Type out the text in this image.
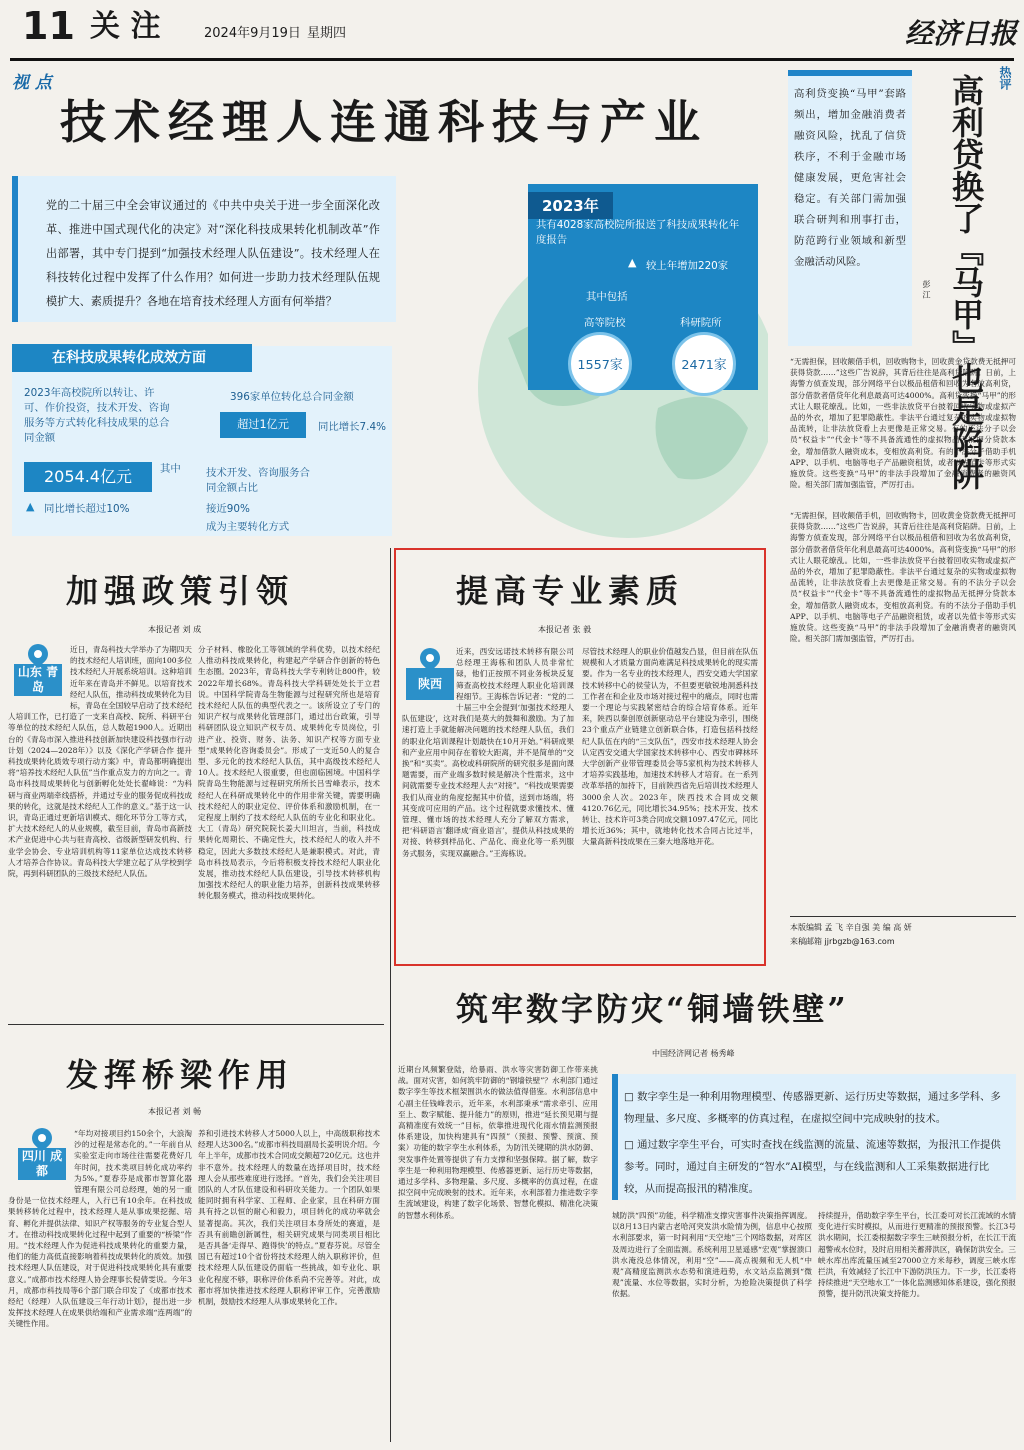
11 关 注	2024年9月19日 星期四	经济日报
视 点
技术经理人连通科技与产业
党的二十届三中全会审议通过的《中共中央关于进一步全面深化改革、推进中国式现代化的决定》对“深化科技成果转化机制改革”作出部署，其中专门提到“加强技术经理人队伍建设”。技术经理人在科技转化过程中发挥了什么作用？如何进一步助力技术经理队伍规模扩大、素质提升？各地在培育技术经理人方面有何举措？
2023年
共有4028家高校院所报送了科技成果转化年度报告
▲ 较上年增加220家
其中包括
高等院校	科研院所
1557家	2471家
在科技成果转化成效方面
2023年高校院所以转让、许可、作价投资，技术开发、咨询服务等方式转化科技成果的总合同金额
2054.4亿元
▲ 同比增长超过10%
其中
396家单位转化总合同金额
超过1亿元	同比增长7.4%
技术开发、咨询服务合同金额占比
接近90%
成为主要转化方式
热评
高利贷换了『马甲』也是陷阱
高利贷变换“马甲”套路频出，增加金融消费者融资风险，扰乱了信贷秩序，不利于金融市场健康发展，更危害社会稳定。有关部门需加强联合研判和刑事打击，防范跨行业领域和新型金融活动风险。
彭 江
“无需担保，回收额借手机，回收购物卡，回收黄金贷款费无抵押可获得贷款……”这些广告说辞，其背后往往是高利贷陷阱。日前，上海警方侦查发现，部分网络平台以极品租借和回收为名放高利贷，部分借款者借贷年化利息最高可达4000%。高利贷变换“马甲”的形式让人眼花缭乱。比如，一些非法放贷平台披着回收实物或虚拟产品的外衣，增加了犯罪隐蔽性。非法平台通过复杂的实物或虚拟物品流转，让非法放贷看上去更像是正常交易。有的不法分子以会员“权益卡”“代金卡”等不具备流通性的虚拟物品无抵押分贷款本金，增加借款人融资成本，变相放高利贷。有的不法分子借助手机APP、以手机、电脑等电子产品融资租赁，或者以先值卡等形式实施放贷。这些变换“马甲”的非法手段增加了金融消费者的融资风险。相关部门需加强监管，严厉打击。
“无需担保，回收额借手机，回收购物卡，回收黄金贷款费无抵押可获得贷款……”这些广告说辞，其背后往往是高利贷陷阱。日前，上海警方侦查发现，部分网络平台以极品租借和回收为名放高利贷，部分借款者借贷年化利息最高可达4000%。高利贷变换“马甲”的形式让人眼花缭乱。比如，一些非法放贷平台披着回收实物或虚拟产品的外衣，增加了犯罪隐蔽性。非法平台通过复杂的实物或虚拟物品流转，让非法放贷看上去更像是正常交易。有的不法分子以会员“权益卡”“代金卡”等不具备流通性的虚拟物品无抵押分贷款本金，增加借款人融资成本，变相放高利贷。有的不法分子借助手机APP、以手机、电脑等电子产品融资租赁，或者以先值卡等形式实施放贷。这些变换“马甲”的非法手段增加了金融消费者的融资风险。相关部门需加强监管，严厉打击。
本版编辑 孟 飞 辛自强 美 编 高 妍
来稿邮箱 jjrbgzb@163.com
加强政策引领
本报记者 刘 成
山东 青岛
近日，青岛科技大学举办了为期四天的技术经纪人培训班，面向100多位技术经纪人开展系统培训。这种培训近年来在青岛并不鲜见。以培育技术经纪人队伍，推动科技成果转化为目标，青岛在全国较早启动了技术经纪人培训工作，已打造了一支来自高校、院所、科研平台等单位的技术经纪人队伍，总人数超1900人。近期出台的《青岛市深入推进科技创新加快建设科技强市行动计划（2024—2028年）》以及《深化产学研合作 提升科技成果转化质效专项行动方案》中，青岛都明确提出将“培养技术经纪人队伍”当作重点发力的方向之一。青岛市科技局成果转化与创新孵化处处长翟峰说：“为科研与商业两端牵线搭桥，并通过专业的服务促成科技成果的转化，这就是技术经纪人工作的意义。”基于这一认识，青岛正通过更新培训模式、细化环节分工等方式，扩大技术经纪人的从业规模，截至目前，青岛市高新技术产业促进中心共与驻青高校、省级新型研发机构、行业学会协会、专业培训机构等11家单位达成技术转移人才培养合作协议。青岛科技大学建立起了从学校到学院，再到科研团队的三级技术经纪人队伍。
分子材料、橡胶化工等领域的学科优势，以技术经纪人推动科技成果转化，构建起产学研合作创新的特色生态圈。2023年，青岛科技大学专利转让800件，较2022年增长68%。青岛科技大学科研处处长于立君说。中国科学院青岛生物能源与过程研究所也是培育技术经纪人队伍的典型代表之一。该所设立了专门的知识产权与成果转化管理部门，通过出台政策，引导科研团队设立知识产权专员、成果转化专员岗位，引进产业、投资、财务、法务、知识产权等方面专业型“成果转化咨询委员会”。形成了一支近50人的复合型、多元化的技术经纪人队伍，其中高级技术经纪人10人。技术经纪人很重要，但也面临困境。中国科学院青岛生物能源与过程研究所所长吕雪峰表示，技术经纪人在科研成果转化中的作用非常关键，需要明确技术经纪人的职业定位、评价体系和激励机制，在一定程度上制约了技术经纪人队伍的专业化和职业化。大工（青岛）研究院院长姜大川坦言，当前，科技成果转化周期长、不确定性大，技术经纪人的收入并不稳定，因此大多数技术经纪人是兼职模式。对此，青岛市科技局表示，今后将积极支持技术经纪人职业化发展，推动技术经纪人队伍建设，引导技术转移机构加强技术经纪人的职业能力培养，创新科技成果转移转化服务模式，推动科技成果转化。
提高专业素质
本报记者 张 毅
陕西
近来，西安远诺技术转移有限公司总经理王海栋和团队人员非常忙碌，他们正按照不同业务板块反复筛查高校技术经理人职业化培训课程细节。王海栋告诉记者：“党的二十届三中全会提到‘加强技术经理人队伍建设’，这对我们是莫大的鼓舞和激励。为了加速打造上手就能解决问题的技术经理人队伍，我们的职业化培训课程计划最快在10月开始。”科研成果和产业应用中间存在着较大距离，并不是简单的“交换”和“买卖”。高校或科研院所的研究很多是面向课题需要，而产业端多数时候是解决个性需求，这中间就需要专业技术经理人去“对接”。“科技成果需要我们从商业的角度挖掘其中价值，送到市场端，将其变成可应用的产品。这个过程就要求懂技术、懂管理、懂市场的技术经理人充分了解双方需求，把‘科研语言’翻译成‘商业语言’，提供从科技成果的对接、转移到样品化、产品化、商业化等一系列服务式服务，实现双赢融合。”王海栋说。
尽管技术经理人的职业价值越发凸显，但目前在队伍规模和人才质量方面尚难满足科技成果转化的现实需要。作为一名专业的技术经理人，西安交通大学国家技术转移中心的侯莹认为，不但要更敏锐地洞悉科技工作者在和企业及市场对接过程中的痛点，同时也需要一个理论与实践紧密结合的综合培育体系。近年来，陕西以秦创原创新驱动总平台建设为牵引，围绕23个重点产业链建立创新联合体，打造包括科技经纪人队伍在内的“三支队伍”，西安市技术经理人协会认定西安交通大学国家技术转移中心、西安市碑林环大学创新产业带管理委员会等5家机构为技术转移人才培养实践基地，加速技术转移人才培育。在一系列改革举措的加持下，目前陕西省先后培训技术经理人3000余人次。2023年，陕西技术合同成交额4120.76亿元，同比增长34.95%；技术开发、技术转让、技术许可3类合同成交额1097.47亿元，同比增长近36%；其中，就地转化技术合同占比过半，大量高新科技成果在三秦大地落地开花。
发挥桥梁作用
本报记者 刘 畅
四川 成都
“年均对接项目约150余个，大浪淘沙的过程是常态化的。”一年前自从实验室走向市场往往需要花费好几年时间，技术类项目转化成功率约为5%。”夏春芬是成都市智算化器管理有限公司总经理，她的另一重身份是一位技术经理人，入行已有10余年。在科技成果转移转化过程中，技术经理人是从事成果挖掘、培育、孵化并提供法律、知识产权等服务的专业复合型人才。在推动科技成果转化过程中起到了重要的“桥梁”作用。“技术经理人作为促进科技成果转化的重要力量，他们的能力高低直接影响着科技成果转化的质效。加强技术经理人队伍建设，对于促进科技成果转化具有重要意义。”成都市技术经理人协会理事长倪倩雯说。今年3月，成都市科技局等6个部门联合印发了《成都市技术经纪（经理）人队伍建设三年行动计划》，提出进一步发挥技术经理人在成果供给端和产业需求端“连两端”的关键性作用。
养和引进技术转移人才5000人以上，中高级职称技术经理人达300名。”成都市科技局副局长姜明说介绍。今年上半年，成都市技术合同成交额超720亿元。这也并非不意外。技术经理人的数量在选择项目时，技术经理人会从那些难度进行选择。“首先，我们会关注项目团队的人才队伍建设和科研攻关能力。一个团队如果能同时拥有科学家、工程师、企业家，且在科研方面具有持之以恒的耐心和毅力，项目转化的成功率就会显著提高。其次，我们关注项目本身所处的赛道，是否具有前瞻创新属性，相关研究成果与同类项目相比是否具备‘走得早、跑得快’的特点。”夏春芬说。尽管全国已有超过10个省份将技术经理人纳入职称评价，但技术经理人队伍建设仍面临一些挑战，如专业化、职业化程度不够，职称评价体系尚不完善等。对此，成都市将加快推进技术经理人职称评审工作，完善激励机制，鼓励技术经理人从事成果转化工作。
筑牢数字防灾“铜墙铁壁”
中国经济网记者 杨秀峰
近期台风频繁登陆，给暴雨、洪水等灾害防御工作带来挑战。面对灾害，如何筑牢防御的“钢墙铁壁”？水利部门通过数字孪生等技术框架围洪水的做法值得借鉴。水利部信息中心副主任钱峰表示，近年来，水利部秉承“需求牵引、应用至上、数字赋能、提升能力”的原则，推进“延长预见期与提高精准度有效统一”目标，依靠推进现代化雨水情监测预报体系建设，加快构建具有“四预”（预报、预警、预演、预案）功能的数字孪生水利体系，为防汛关键期的洪水防御、突发事件处置等提供了有力支撑和坚强保障。据了解，数字孪生是一种利用物理模型、传感器更新、运行历史等数据，通过多学科、多物理量、多尺度、多概率的仿真过程，在虚拟空间中完成映射的技术。近年来，水利部着力推进数字孪生流域建设，构建了数字化场景、智慧化模拟、精准化决策的智慧水利体系。
□ 数字孪生是一种利用物理模型、传感器更新、运行历史等数据，通过多学科、多物理量、多尺度、多概率的仿真过程，在虚拟空间中完成映射的技术。
□ 通过数字孪生平台，可实时查找在线监测的流量、流速等数据，为报汛工作提供参考。同时，通过自主研发的“智水”AI模型，与在线监测和人工采集数据进行比较，从而提高报汛的精准度。
城防洪“四预”功能，科学精准支撑灾害事件决策指挥调度。以8月13日内蒙古老哈河突发洪水险情为例，信息中心按照水利部要求，第一时间利用“天空地”三个网络数据，对库区及周边进行了全面监测。系统利用卫星遥感“宏观”掌握溃口洪水淹没总体情况，利用“空”——高点视频和无人机“中观”高精度监测洪水态势和演进趋势，水文站点监测到“微观”流量、水位等数据，实时分析，为抢险决策提供了科学依据。
持续提升，借助数字孪生平台，长江委可对长江流域的水情变化进行实时模拟，从而进行更精准的预报预警。长江3号洪水期间，长江委根据数字孪生三峡预报分析，在长江干流超警戒水位时，及时启用相关蓄滞洪区，确保防洪安全。三峡水库出库流量压减至27000立方米每秒，调度三峡水库拦洪，有效减轻了长江中下游防洪压力。下一步，长江委将持续推进“天空地水工”一体化监测感知体系建设，强化预报预警，提升防汛决策支持能力。
